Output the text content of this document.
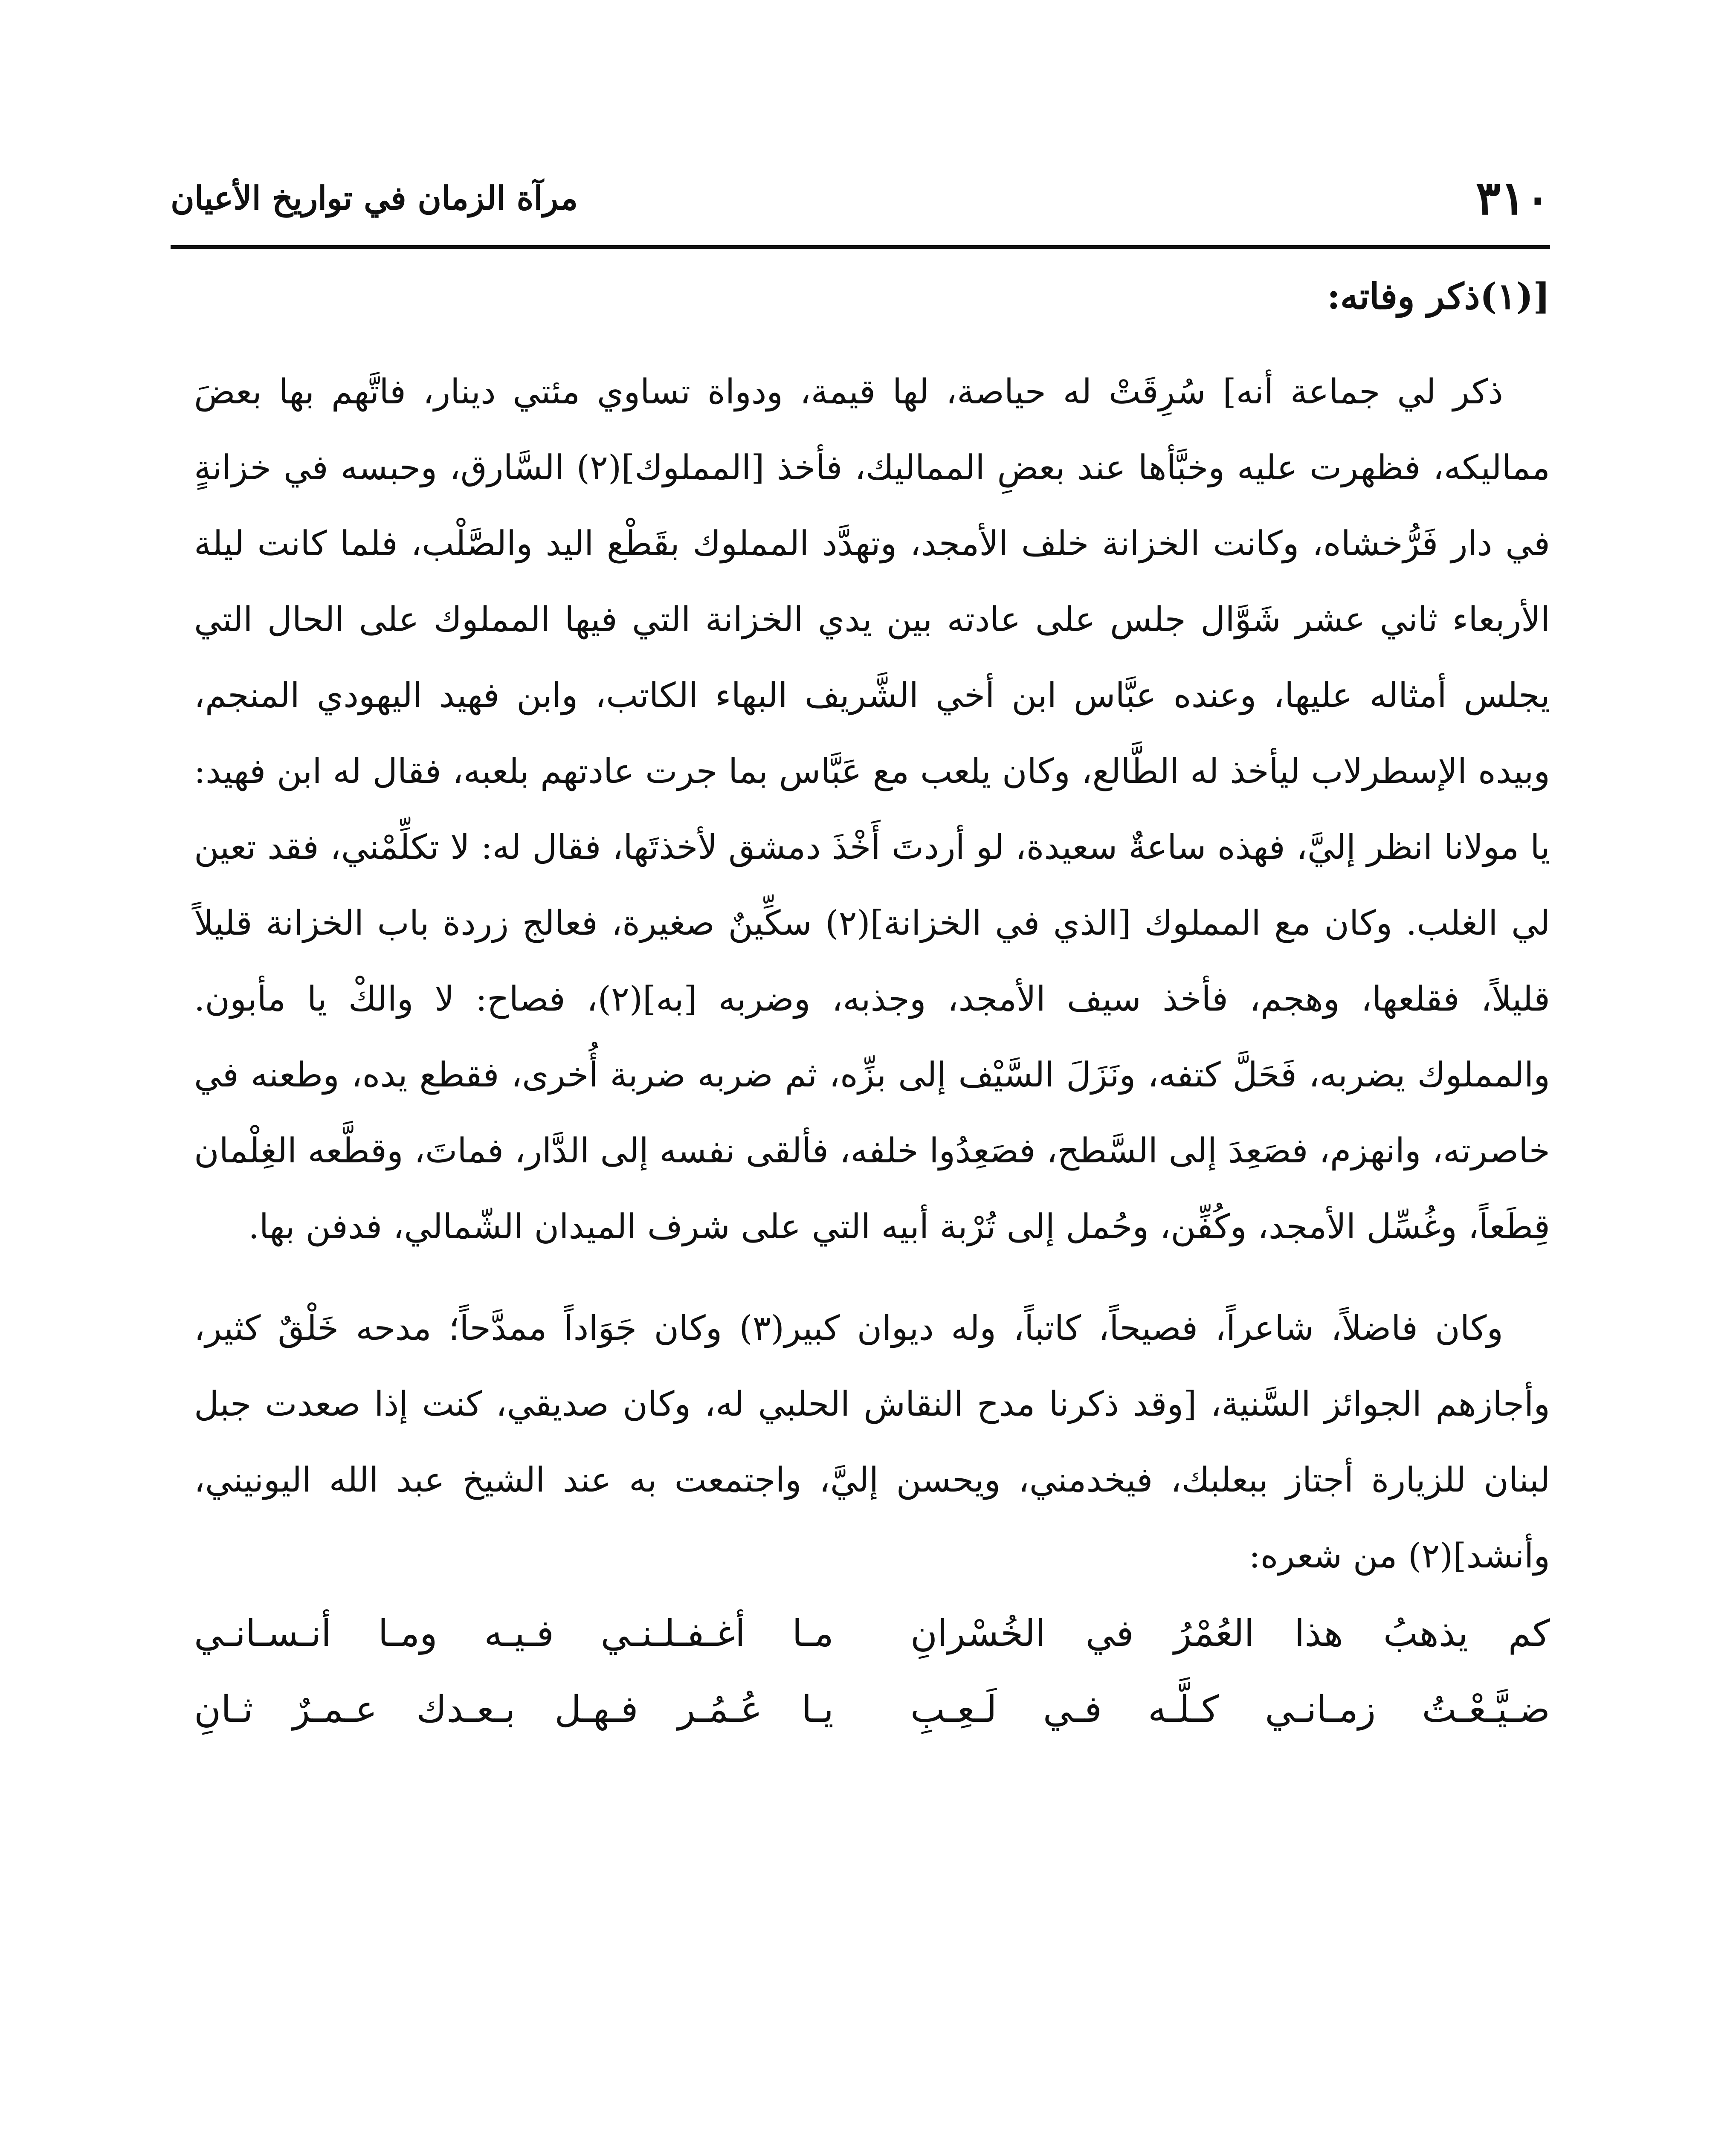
٣١٠
مرآة الزمان في تواريخ الأعيان
[(١)ذكر وفاته:

ذكر لي جماعة أنه] سُرِقَتْ له حياصة، لها قيمة، ودواة تساوي مئتي دينار، فاتَّهم بها بعضَ مماليكه، فظهرت عليه وخبَّأها عند بعضِ المماليك، فأخذ [المملوك](٢) السَّارق، وحبسه في خزانةٍ في دار فَرُّخشاه، وكانت الخزانة خلف الأمجد، وتهدَّد المملوك بقَطْع اليد والصَّلْب، فلما كانت ليلة الأربعاء ثاني عشر شَوَّال جلس على عادته بين يدي الخزانة التي فيها المملوك على الحال التي يجلس أمثاله عليها، وعنده عبَّاس ابن أخي الشَّريف البهاء الكاتب، وابن فهيد اليهودي المنجم، وبيده الإسطرلاب ليأخذ له الطَّالع، وكان يلعب مع عَبَّاس بما جرت عادتهم بلعبه، فقال له ابن فهيد: يا مولانا انظر إليَّ، فهذه ساعةٌ سعيدة، لو أردتَ أَخْذَ دمشق لأخذتَها، فقال له: لا تكلِّمْني، فقد تعين لي الغلب. وكان مع المملوك [الذي في الخزانة](٢) سكِّينٌ صغيرة، فعالج زردة باب الخزانة قليلاً قليلاً، فقلعها، وهجم، فأخذ سيف الأمجد، وجذبه، وضربه [به](٢)، فصاح: لا والكْ يا مأبون. والمملوك يضربه، فَحَلَّ كتفه، ونَزَلَ السَّيْف إلى بزِّه، ثم ضربه ضربة أُخرى، فقطع يده، وطعنه في خاصرته، وانهزم، فصَعِدَ إلى السَّطح، فصَعِدُوا خلفه، فألقى نفسه إلى الدَّار، فماتَ، وقطَّعه الغِلْمان قِطَعاً، وغُسِّل الأمجد، وكُفِّن، وحُمل إلى تُرْبة أبيه التي على شرف الميدان الشّمالي، فدفن بها.

وكان فاضلاً، شاعراً، فصيحاً، كاتباً، وله ديوان كبير(٣) وكان جَوَاداً ممدَّحاً؛ مدحه خَلْقٌ كثير، وأجازهم الجوائز السَّنية، [وقد ذكرنا مدح النقاش الحلبي له، وكان صديقي، كنت إذا صعدت جبل لبنان للزيارة أجتاز ببعلبك، فيخدمني، ويحسن إليَّ، واجتمعت به عند الشيخ عبد الله اليونيني، وأنشد](٢) من شعره:

كم يذهبُ هذا العُمْرُ في الخُسْرانِ
مـا أغـفـلـنـي فـيـه ومـا أنـسـانـي
ضـيَّـعْـتُ زمـانـي كـلَّـه فـي لَـعِـبِ
يـا عُـمُـر فـهـل بـعـدك عـمـرٌ ثـانِ
